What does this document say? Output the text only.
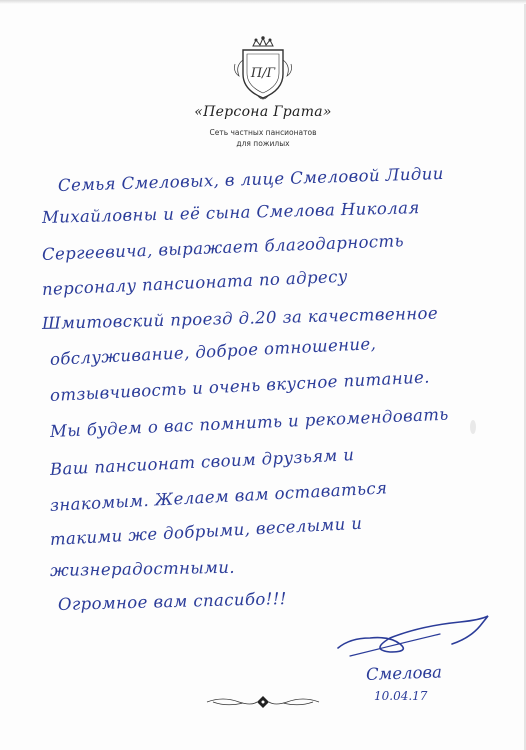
П/Г
«Персона Грата»
Сеть частных пансионатов
для пожилых
Семья Смеловых, в лице Смеловой Лидии
Михайловны и её сына Смелова Николая
Сергеевича, выражает благодарность
персоналу пансионата по адресу
Шмитовский проезд д.20 за качественное
обслуживание, доброе отношение,
отзывчивость и очень вкусное питание.
Мы будем о вас помнить и рекомендовать
Ваш пансионат своим друзьям и
знакомым. Желаем вам оставаться
такими же добрыми, веселыми и
жизнерадостными.
Огромное вам спасибо!!!
Смелова
10.04.17
